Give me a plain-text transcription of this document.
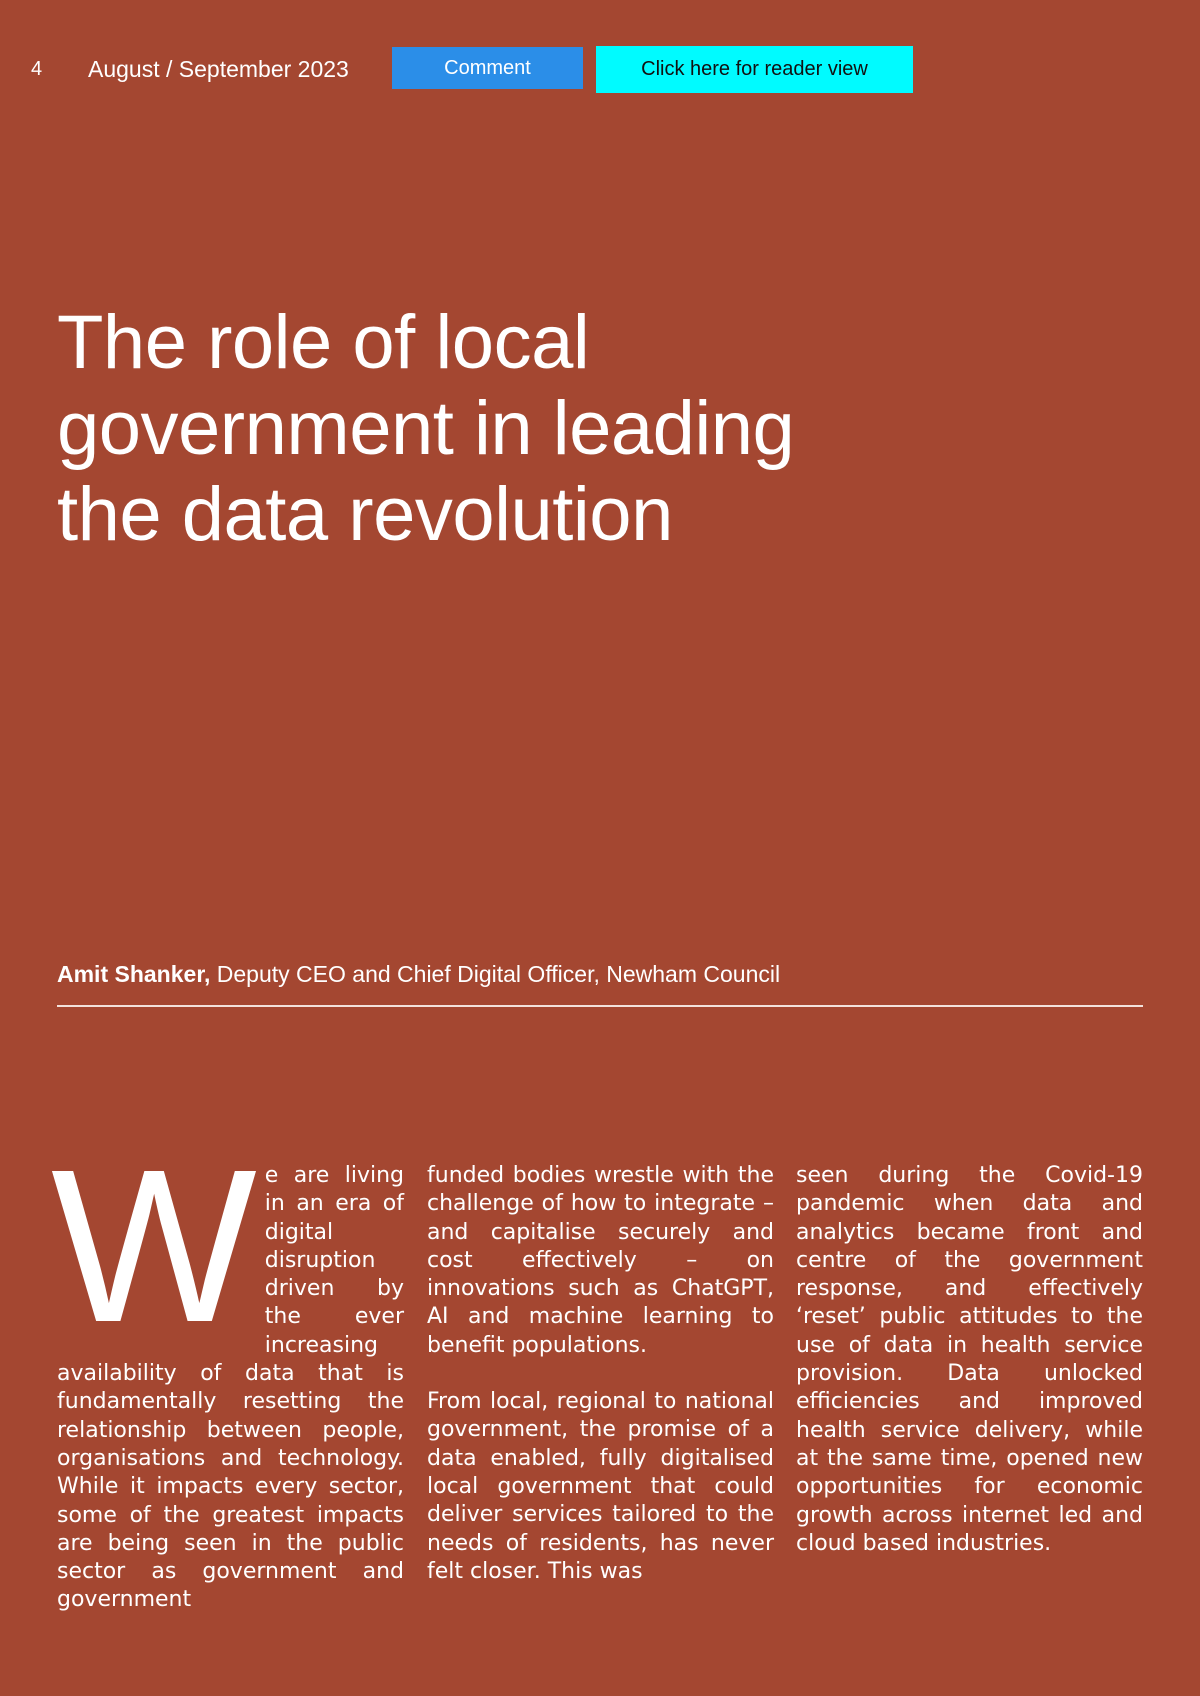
4 August / September 2023	Comment	Click here for reader view
The role of local
government in leading
the data revolution
Amit Shanker, Deputy CEO and Chief Digital Officer, Newham Council

We are living in an era of digital disruption driven by the ever increasing availability of data that is fundamentally resetting the relationship between people, organisations and technology. While it impacts every sector, some of the greatest impacts are being seen in the public sector as government and government

funded bodies wrestle with the challenge of how to integrate – and capitalise securely and cost effectively – on innovations such as ChatGPT, AI and machine learning to benefit populations.

From local, regional to national government, the promise of a data enabled, fully digitalised local government that could deliver services tailored to the needs of residents, has never felt closer. This was

seen during the Covid-19 pandemic when data and analytics became front and centre of the government response, and effectively ‘reset’ public attitudes to the use of data in health service provision. Data unlocked efficiencies and improved health service delivery, while at the same time, opened new opportunities for economic growth across internet led and cloud based industries.
